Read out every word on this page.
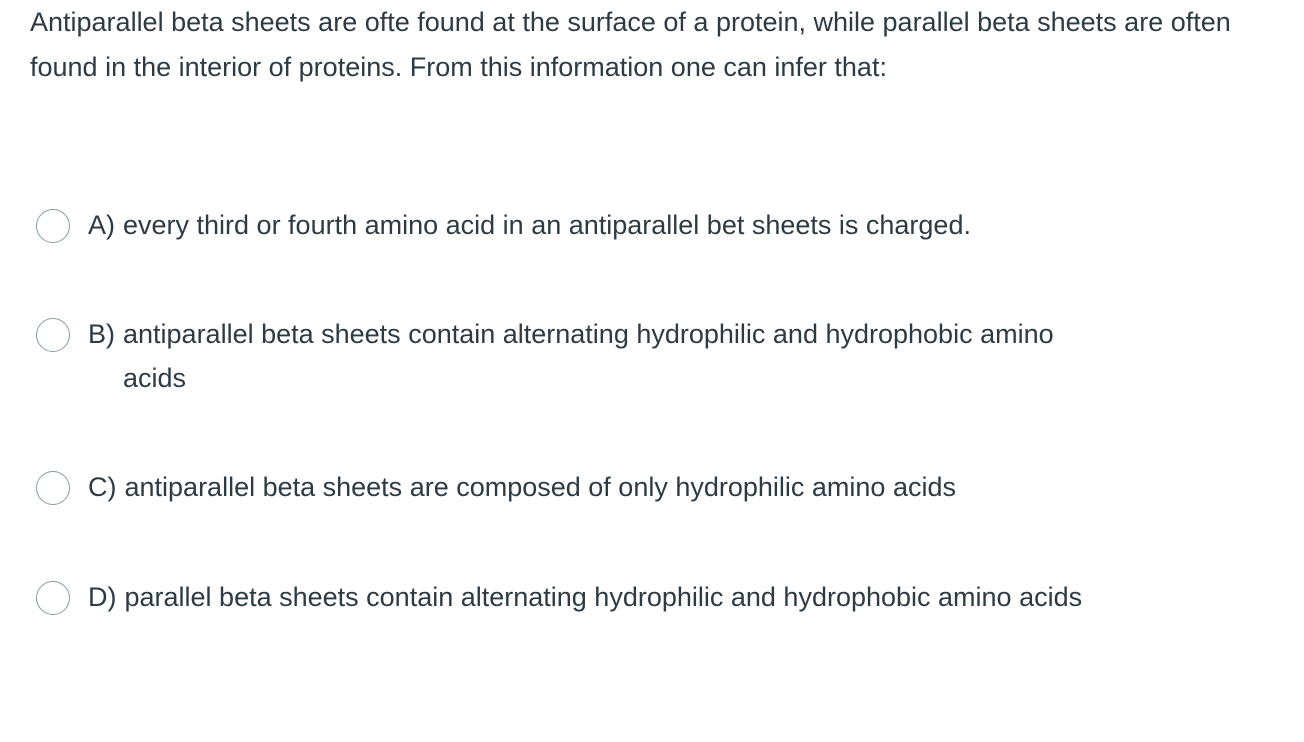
Antiparallel beta sheets are ofte found at the surface of a protein, while parallel beta sheets are often found in the interior of proteins. From this information one can infer that:

A) every third or fourth amino acid in an antiparallel bet sheets is charged.
B) antiparallel beta sheets contain alternating hydrophilic and hydrophobic amino acids
C) antiparallel beta sheets are composed of only hydrophilic amino acids
D) parallel beta sheets contain alternating hydrophilic and hydrophobic amino acids
